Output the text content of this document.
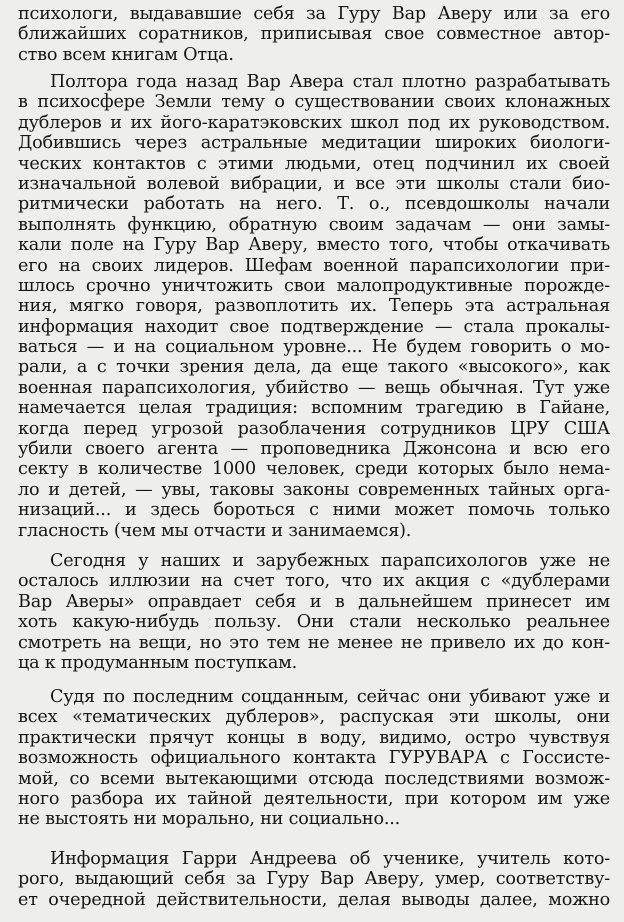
психологи, выдававшие себя за Гуру Вар Аверу или за его
ближайших соратников, приписывая свое совместное автор-
ство всем книгам Отца.
Полтора года назад Вар Авера стал плотно разрабатывать
в психосфере Земли тему о существовании своих клонажных
дублеров и их його-каратэковских школ под их руководством.
Добившись через астральные медитации широких биологи-
ческих контактов с этими людьми, отец подчинил их своей
изначальной волевой вибрации, и все эти школы стали био-
ритмически работать на него. Т. о., псевдошколы начали
выполнять функцию, обратную своим задачам — они замы-
кали поле на Гуру Вар Аверу, вместо того, чтобы откачивать
его на своих лидеров. Шефам военной парапсихологии при-
шлось срочно уничтожить свои малопродуктивные порожде-
ния, мягко говоря, развоплотить их. Теперь эта астральная
информация находит свое подтверждение — стала прокалы-
ваться — и на социальном уровне... Не будем говорить о мо-
рали, а с точки зрения дела, да еще такого «высокого», как
военная парапсихология, убийство — вещь обычная. Тут уже
намечается целая традиция: вспомним трагедию в Гайане,
когда перед угрозой разоблачения сотрудников ЦРУ США
убили своего агента — проповедника Джонсона и всю его
секту в количестве 1000 человек, среди которых было нема-
ло и детей, — увы, таковы законы современных тайных орга-
низаций... и здесь бороться с ними может помочь только
гласность (чем мы отчасти и занимаемся).
Сегодня у наших и зарубежных парапсихологов уже не
осталось иллюзии на счет того, что их акция с «дублерами
Вар Аверы» оправдает себя и в дальнейшем принесет им
хоть какую-нибудь пользу. Они стали несколько реальнее
смотреть на вещи, но это тем не менее не привело их до кон-
ца к продуманным поступкам.
Судя по последним соцданным, сейчас они убивают уже и
всех «тематических дублеров», распуская эти школы, они
практически прячут концы в воду, видимо, остро чувствуя
возможность официального контакта ГУРУВАРА с Госсисте-
мой, со всеми вытекающими отсюда последствиями возмож-
ного разбора их тайной деятельности, при котором им уже
не выстоять ни морально, ни социально...
Информация Гарри Андреева об ученике, учитель кото-
рого, выдающий себя за Гуру Вар Аверу, умер, соответству-
ет очередной действительности, делая выводы далее, можно
